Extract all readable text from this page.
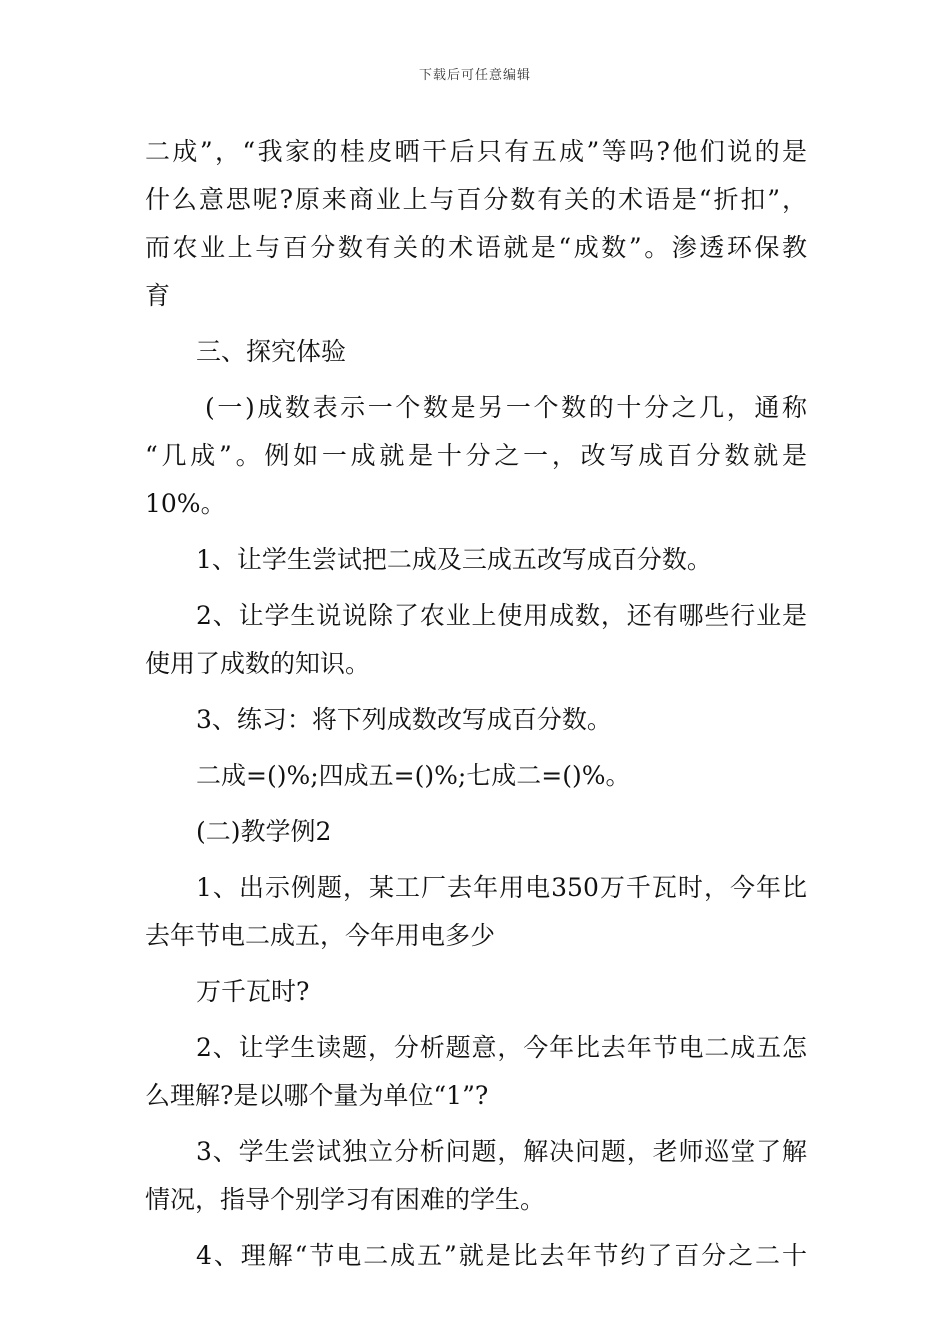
下载后可任意编辑
二成”，“我家的桂皮晒干后只有五成”等吗?他们说的是
什么意思呢?原来商业上与百分数有关的术语是“折扣”，
而农业上与百分数有关的术语就是“成数”。渗透环保教
育
三、探究体验
(一)成数表示一个数是另一个数的十分之几，通称
“几成”。例如一成就是十分之一，改写成百分数就是
10%。
1、让学生尝试把二成及三成五改写成百分数。
2、让学生说说除了农业上使用成数，还有哪些行业是
使用了成数的知识。
3、练习：将下列成数改写成百分数。
二成=()%;四成五=()%;七成二=()%。
(二)教学例2
1、出示例题，某工厂去年用电350万千瓦时，今年比
去年节电二成五，今年用电多少
万千瓦时?
2、让学生读题，分析题意，今年比去年节电二成五怎
么理解?是以哪个量为单位“1”?
3、学生尝试独立分析问题，解决问题，老师巡堂了解
情况，指导个别学习有困难的学生。
4、理解“节电二成五”就是比去年节约了百分之二十
